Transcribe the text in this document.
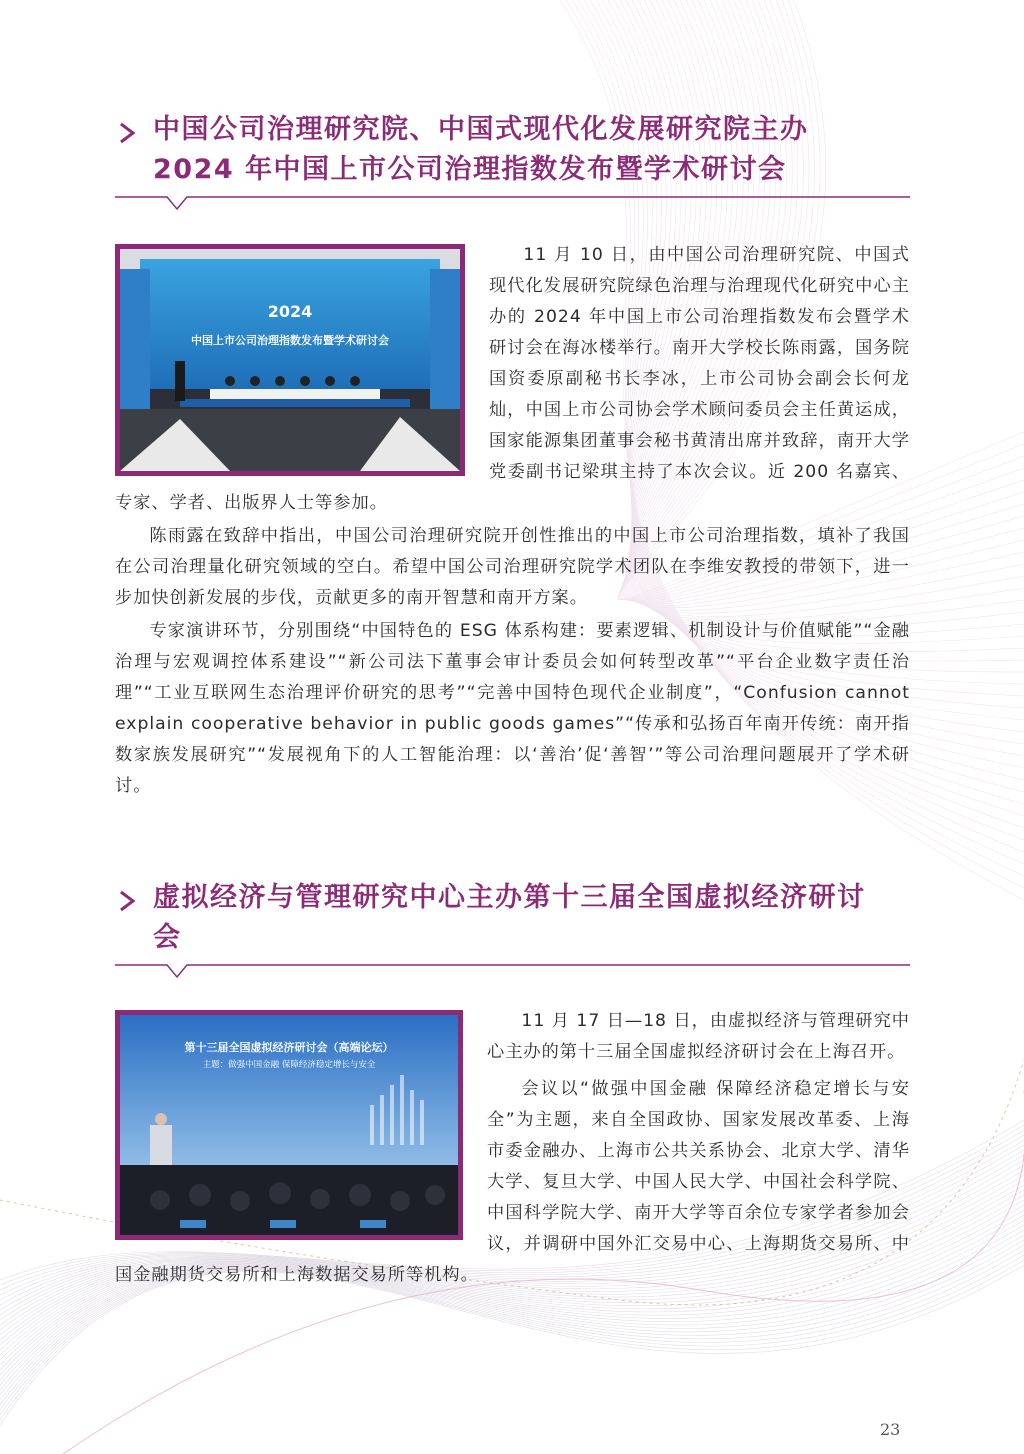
中国公司治理研究院、中国式现代化发展研究院主办
2024 年中国上市公司治理指数发布暨学术研讨会
2024
中国上市公司治理指数发布暨学术研讨会

11 月 10 日，由中国公司治理研究院、中国式现代化发展研究院绿色治理与治理现代化研究中心主办的 2024 年中国上市公司治理指数发布会暨学术研讨会在海冰楼举行。南开大学校长陈雨露，国务院国资委原副秘书长李冰，上市公司协会副会长何龙灿，中国上市公司协会学术顾问委员会主任黄运成，国家能源集团董事会秘书黄清出席并致辞，南开大学党委副书记梁琪主持了本次会议。近 200 名嘉宾、专家、学者、出版界人士等参加。

陈雨露在致辞中指出，中国公司治理研究院开创性推出的中国上市公司治理指数，填补了我国在公司治理量化研究领域的空白。希望中国公司治理研究院学术团队在李维安教授的带领下，进一步加快创新发展的步伐，贡献更多的南开智慧和南开方案。

专家演讲环节，分别围绕“中国特色的 ESG 体系构建：要素逻辑、机制设计与价值赋能”“金融治理与宏观调控体系建设”“新公司法下董事会审计委员会如何转型改革”“平台企业数字责任治理”“工业互联网生态治理评价研究的思考”“完善中国特色现代企业制度”，“Confusion cannot explain cooperative behavior in public goods games”“传承和弘扬百年南开传统：南开指数家族发展研究”“发展视角下的人工智能治理：以‘善治’促‘善智’”等公司治理问题展开了学术研讨。

虚拟经济与管理研究中心主办第十三届全国虚拟经济研讨
会
第十三届全国虚拟经济研讨会（高端论坛）
主题：做强中国金融 保障经济稳定增长与安全

11 月 17 日—18 日，由虚拟经济与管理研究中心主办的第十三届全国虚拟经济研讨会在上海召开。

会议以“做强中国金融 保障经济稳定增长与安全”为主题，来自全国政协、国家发展改革委、上海市委金融办、上海市公共关系协会、北京大学、清华大学、复旦大学、中国人民大学、中国社会科学院、中国科学院大学、南开大学等百余位专家学者参加会议，并调研中国外汇交易中心、上海期货交易所、中国金融期货交易所和上海数据交易所等机构。

23
